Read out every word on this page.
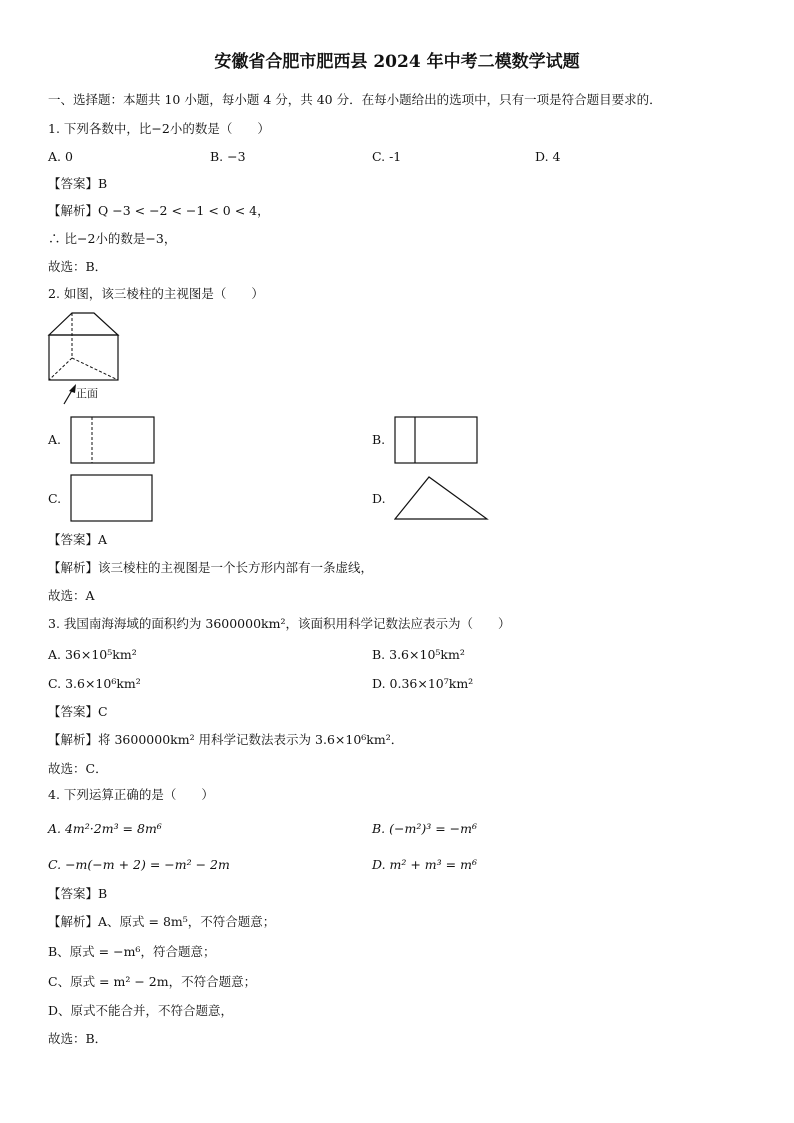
安徽省合肥市肥西县 2024 年中考二模数学试题
一、选择题：本题共 10 小题，每小题 4 分，共 40 分．在每小题给出的选项中，只有一项是符合题目要求的．
1. 下列各数中，比−2小的数是（　　）
A. 0	B. −3	C. -1	D. 4
【答案】B
【解析】Q −3 < −2 < −1 < 0 < 4，
∴ 比−2小的数是−3，
故选：B．
2. 如图，该三棱柱的主视图是（　　）
正面
A.	B.
C.	D.
【答案】A
【解析】该三棱柱的主视图是一个长方形内部有一条虚线，
故选：A
3. 我国南海海域的面积约为 3600000km²，该面积用科学记数法应表示为（　　）
A. 36×10⁵km²	B. 3.6×10⁵km²
C. 3.6×10⁶km²	D. 0.36×10⁷km²
【答案】C
【解析】将 3600000km² 用科学记数法表示为 3.6×10⁶km²．
故选：C．
4. 下列运算正确的是（　　）
A. 4m²·2m³ = 8m⁶	B. (−m²)³ = −m⁶
C. −m(−m + 2) = −m² − 2m	D. m² + m³ = m⁶
【答案】B
【解析】A、原式 = 8m⁵，不符合题意；
B、原式 = −m⁶，符合题意；
C、原式 = m² − 2m，不符合题意；
D、原式不能合并，不符合题意，
故选：B．
